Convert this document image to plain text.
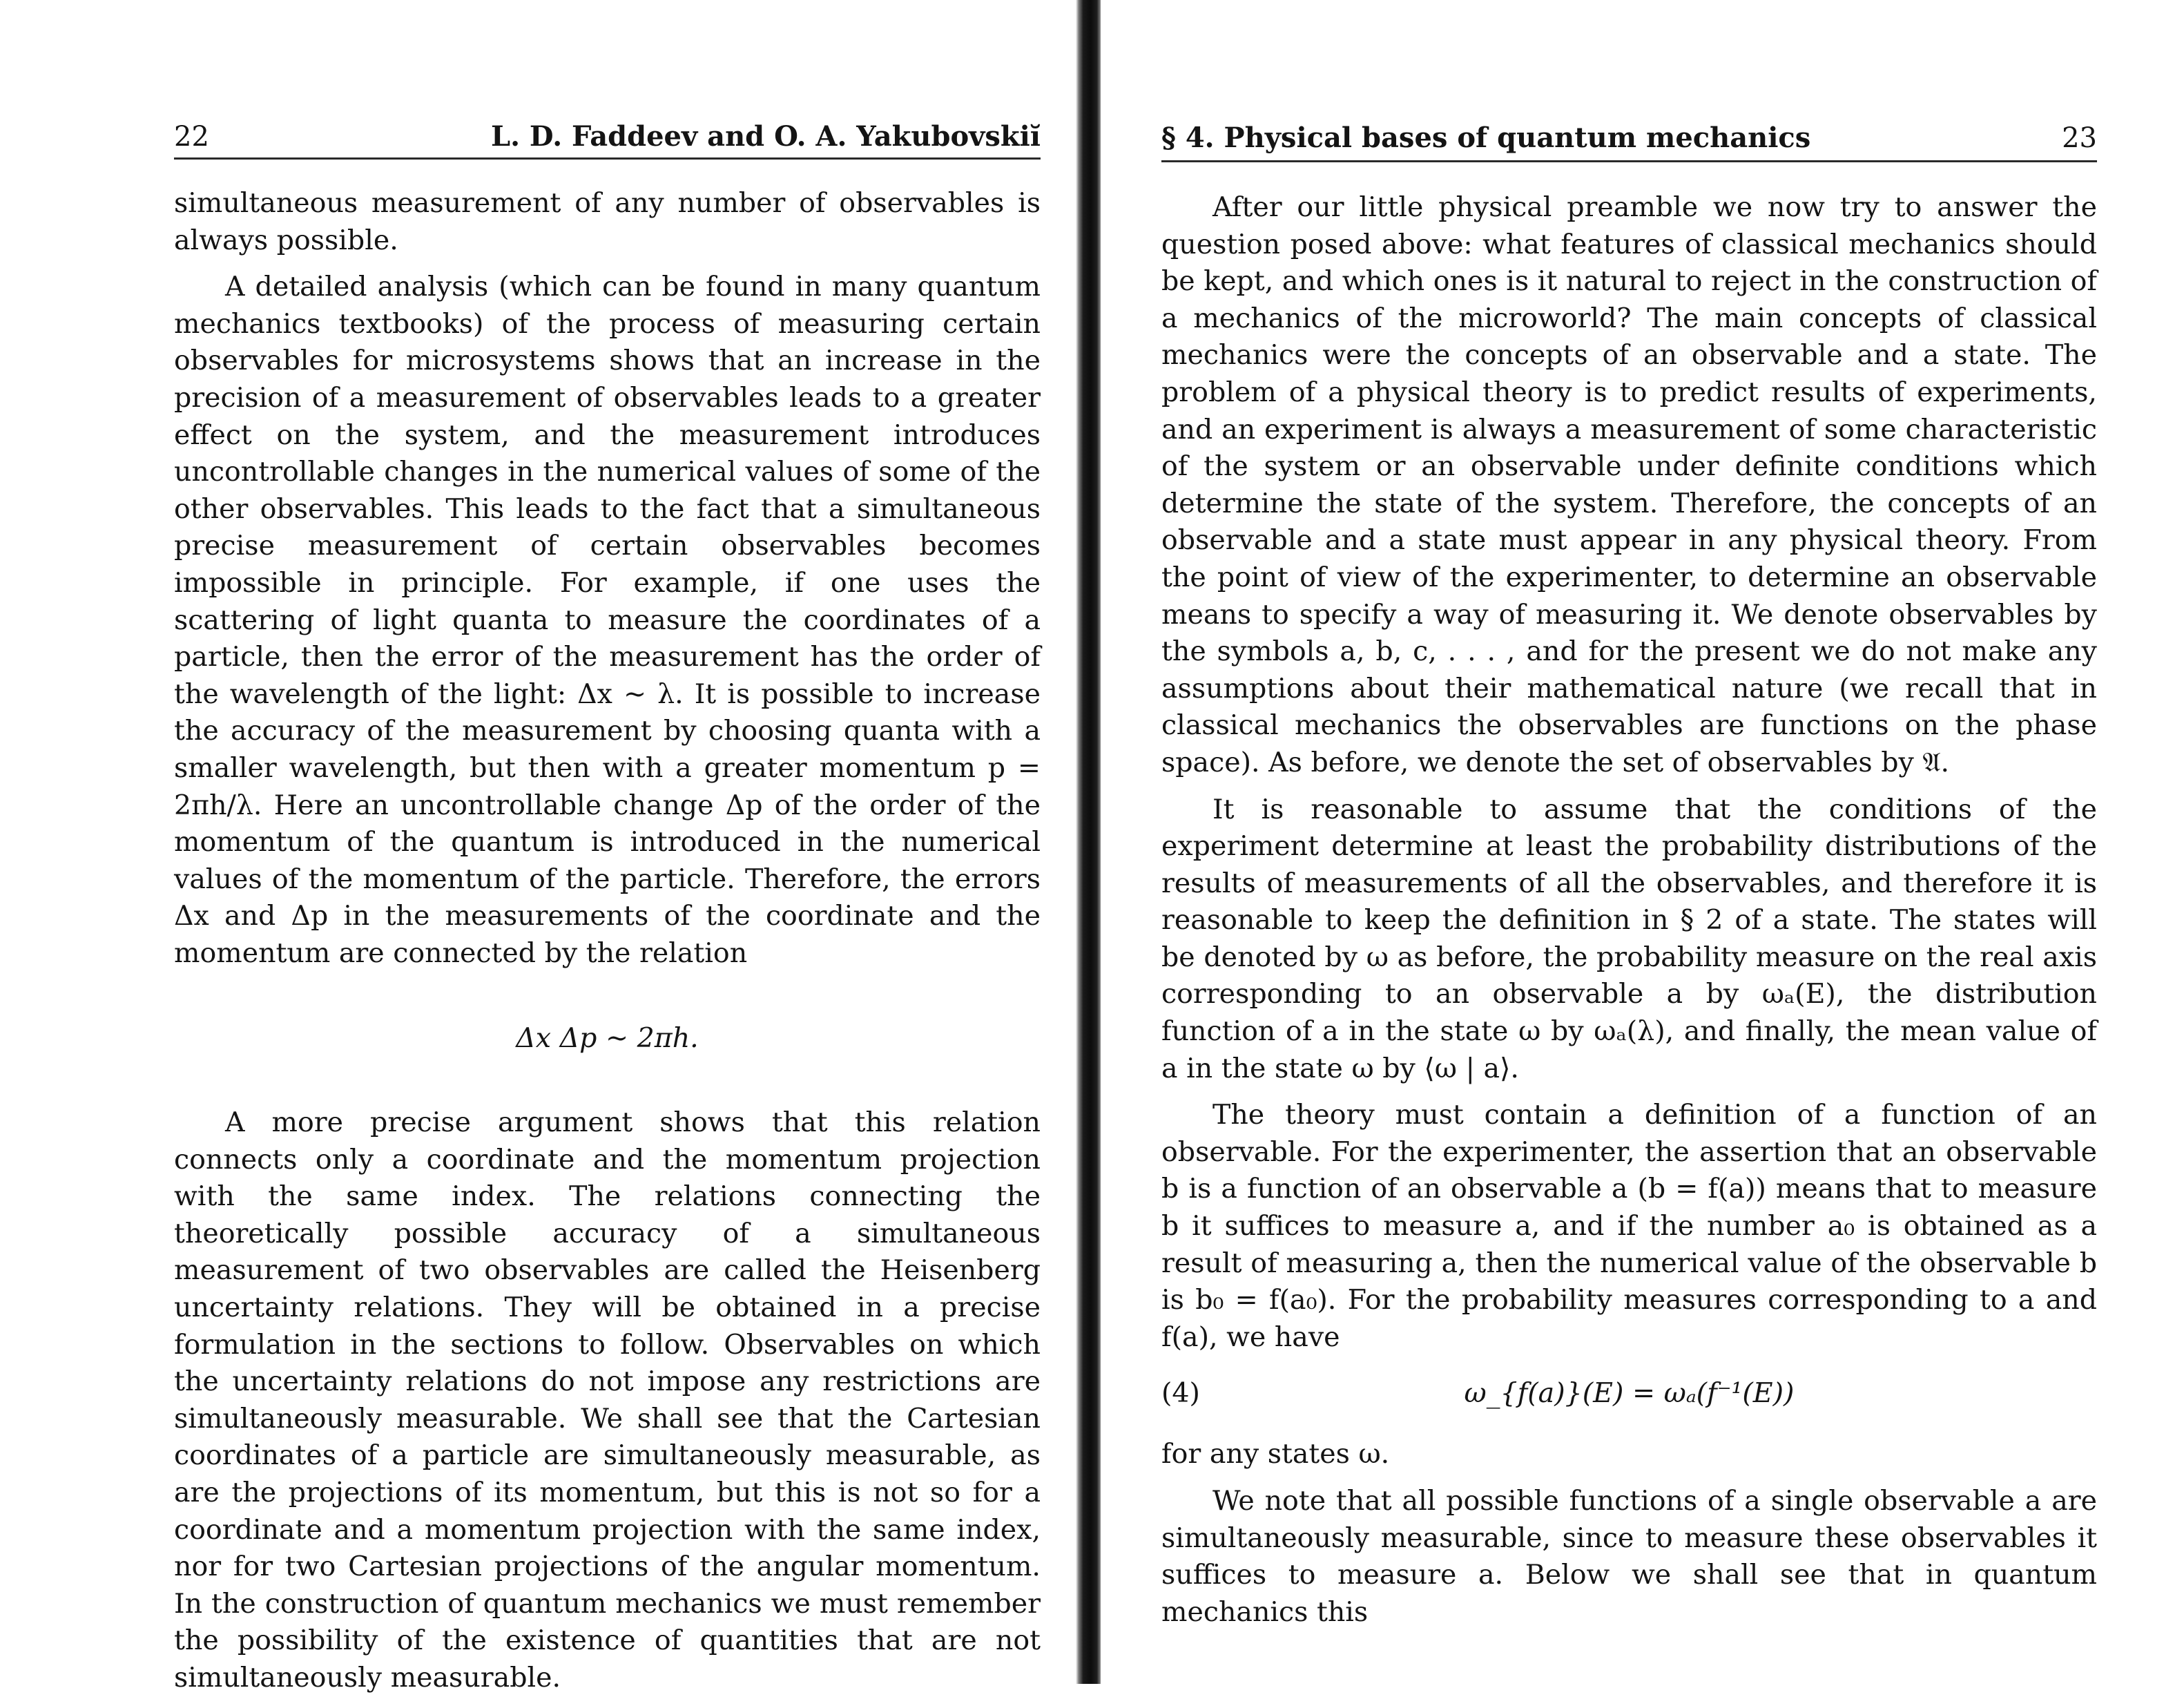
22	L. D. Faddeev and O. A. Yakubovskiĭ

simultaneous measurement of any number of observables is always possible.

A detailed analysis (which can be found in many quantum mechanics textbooks) of the process of measuring certain observables for microsystems shows that an increase in the precision of a measurement of observables leads to a greater effect on the system, and the measurement introduces uncontrollable changes in the numerical values of some of the other observables. This leads to the fact that a simultaneous precise measurement of certain observables becomes impossible in principle. For example, if one uses the scattering of light quanta to measure the coordinates of a particle, then the error of the measurement has the order of the wavelength of the light: Δx ~ λ. It is possible to increase the accuracy of the measurement by choosing quanta with a smaller wavelength, but then with a greater momentum p = 2πh/λ. Here an uncontrollable change Δp of the order of the momentum of the quantum is introduced in the numerical values of the momentum of the particle. Therefore, the errors Δx and Δp in the measurements of the coordinate and the momentum are connected by the relation

Δx Δp ~ 2πh.

A more precise argument shows that this relation connects only a coordinate and the momentum projection with the same index. The relations connecting the theoretically possible accuracy of a simultaneous measurement of two observables are called the Heisenberg uncertainty relations. They will be obtained in a precise formulation in the sections to follow. Observables on which the uncertainty relations do not impose any restrictions are simultaneously measurable. We shall see that the Cartesian coordinates of a particle are simultaneously measurable, as are the projections of its momentum, but this is not so for a coordinate and a momentum projection with the same index, nor for two Cartesian projections of the angular momentum. In the construction of quantum mechanics we must remember the possibility of the existence of quantities that are not simultaneously measurable.

§ 4. Physical bases of quantum mechanics	23

After our little physical preamble we now try to answer the question posed above: what features of classical mechanics should be kept, and which ones is it natural to reject in the construction of a mechanics of the microworld? The main concepts of classical mechanics were the concepts of an observable and a state. The problem of a physical theory is to predict results of experiments, and an experiment is always a measurement of some characteristic of the system or an observable under definite conditions which determine the state of the system. Therefore, the concepts of an observable and a state must appear in any physical theory. From the point of view of the experimenter, to determine an observable means to specify a way of measuring it. We denote observables by the symbols a, b, c, . . . , and for the present we do not make any assumptions about their mathematical nature (we recall that in classical mechanics the observables are functions on the phase space). As before, we denote the set of observables by 𝔄.

It is reasonable to assume that the conditions of the experiment determine at least the probability distributions of the results of measurements of all the observables, and therefore it is reasonable to keep the definition in § 2 of a state. The states will be denoted by ω as before, the probability measure on the real axis corresponding to an observable a by ωₐ(E), the distribution function of a in the state ω by ωₐ(λ), and finally, the mean value of a in the state ω by ⟨ω | a⟩.

The theory must contain a definition of a function of an observable. For the experimenter, the assertion that an observable b is a function of an observable a (b = f(a)) means that to measure b it suffices to measure a, and if the number a₀ is obtained as a result of measuring a, then the numerical value of the observable b is b₀ = f(a₀). For the probability measures corresponding to a and f(a), we have

ω_{f(a)}(E) = ωₐ(f⁻¹(E))
(4)

for any states ω.

We note that all possible functions of a single observable a are simultaneously measurable, since to measure these observables it suffices to measure a. Below we shall see that in quantum mechanics this
